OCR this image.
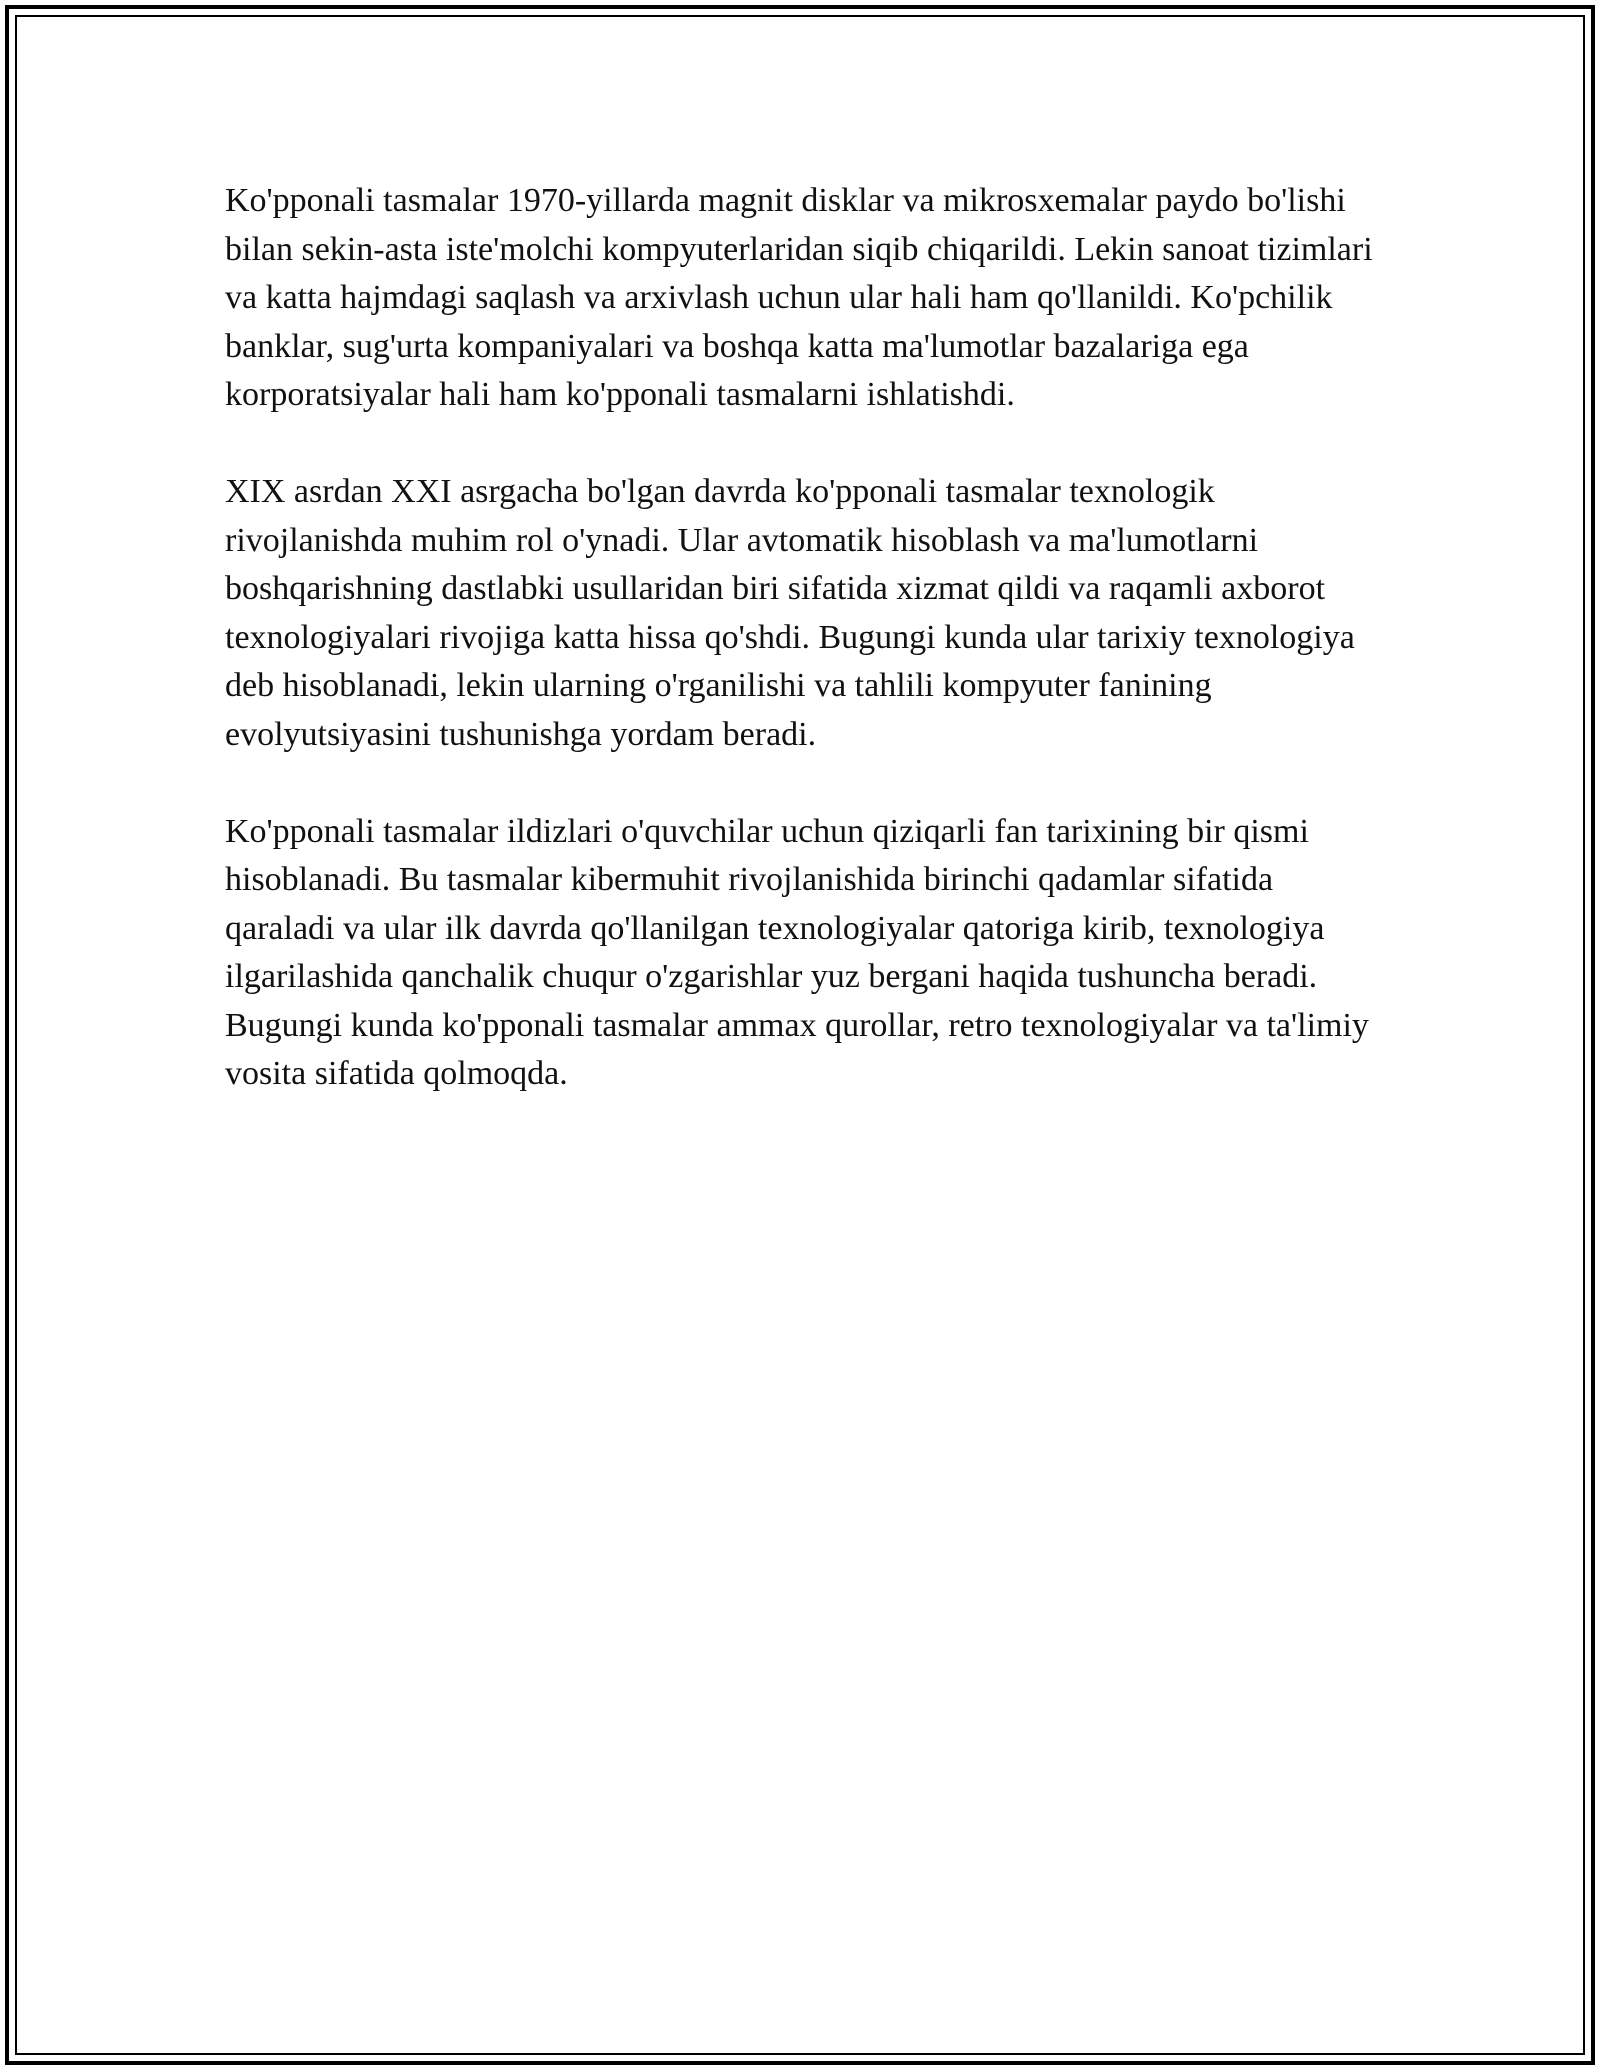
Ko'pponali tasmalar 1970-yillarda magnit disklar va mikrosxemalar paydo bo'lishi bilan sekin-asta iste'molchi kompyuterlaridan siqib chiqarildi. Lekin sanoat tizimlari va katta hajmdagi saqlash va arxivlash uchun ular hali ham qo'llanildi. Ko'pchilik banklar, sug'urta kompaniyalari va boshqa katta ma'lumotlar bazalariga ega korporatsiyalar hali ham ko'pponali tasmalarni ishlatishdi.

XIX asrdan XXI asrgacha bo'lgan davrda ko'pponali tasmalar texnologik rivojlanishda muhim rol o'ynadi. Ular avtomatik hisoblash va ma'lumotlarni boshqarishning dastlabki usullaridan biri sifatida xizmat qildi va raqamli axborot texnologiyalari rivojiga katta hissa qo'shdi. Bugungi kunda ular tarixiy texnologiya deb hisoblanadi, lekin ularning o'rganilishi va tahlili kompyuter fanining evolyutsiyasini tushunishga yordam beradi.

Ko'pponali tasmalar ildizlari o'quvchilar uchun qiziqarli fan tarixining bir qismi hisoblanadi. Bu tasmalar kibermuhit rivojlanishida birinchi qadamlar sifatida qaraladi va ular ilk davrda qo'llanilgan texnologiyalar qatoriga kirib, texnologiya ilgarilashida qanchalik chuqur o'zgarishlar yuz bergani haqida tushuncha beradi. Bugungi kunda ko'pponali tasmalar ammax qurollar, retro texnologiyalar va ta'limiy vosita sifatida qolmoqda.
